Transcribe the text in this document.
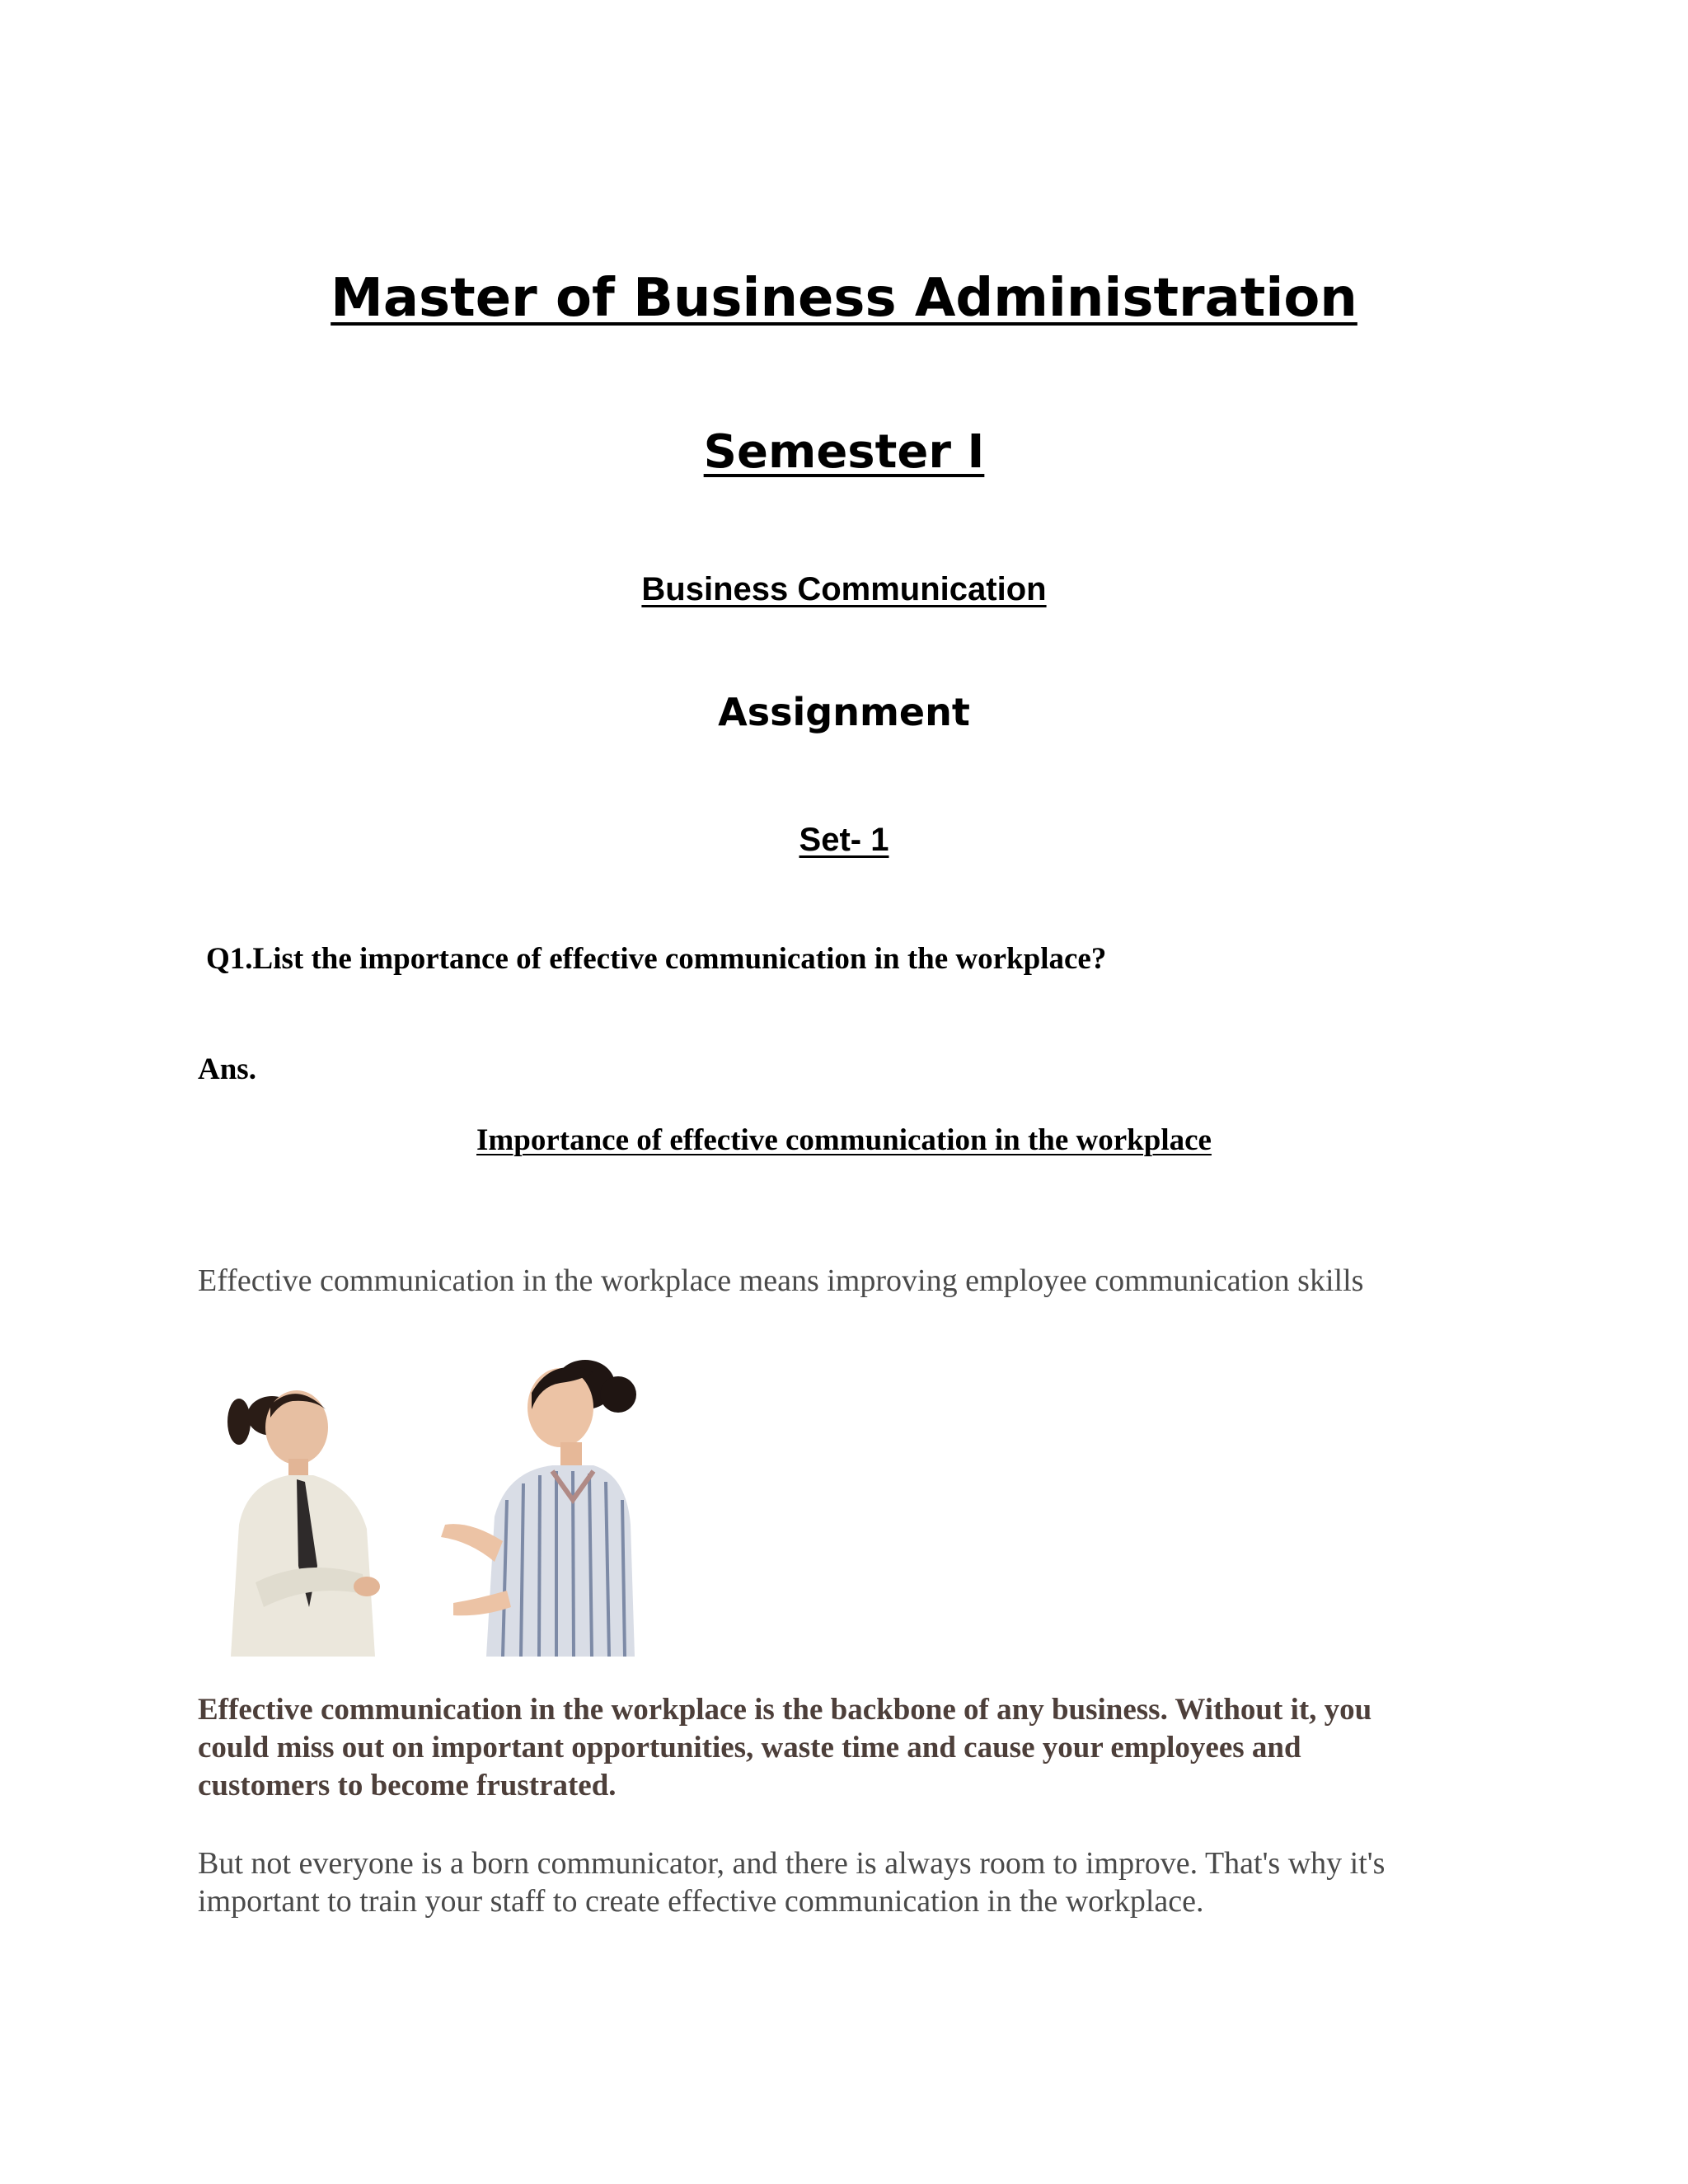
Master of Business Administration
Semester I
Business Communication
Assignment
Set- 1

Q1.List the importance of effective communication in the workplace?

Ans.

Importance of effective communication in the workplace

Effective communication in the workplace means improving employee communication skills

Effective communication in the workplace is the backbone of any business. Without it, you
could miss out on important opportunities, waste time and cause your employees and
customers to become frustrated.

But not everyone is a born communicator, and there is always room to improve. That's why it's
important to train your staff to create effective communication in the workplace.
